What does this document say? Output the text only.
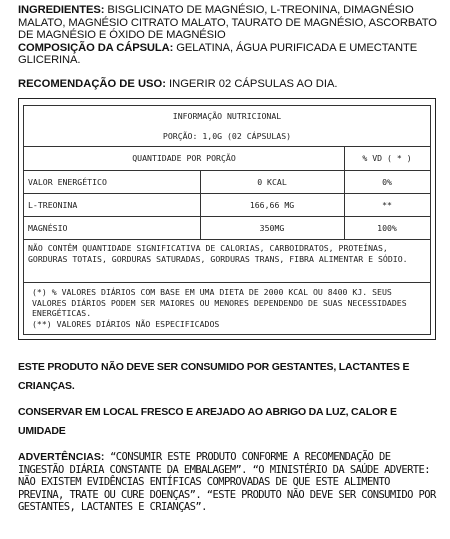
INGREDIENTES: BISGLICINATO DE MAGNÉSIO, L-TREONINA, DIMAGNÉSIO MALATO, MAGNÉSIO CITRATO MALATO, TAURATO DE MAGNÉSIO, ASCORBATO DE MAGNÉSIO E ÓXIDO DE MAGNÉSIO

COMPOSIÇÃO DA CÁPSULA: GELATINA, ÁGUA PURIFICADA E UMECTANTE GLICERINA.

RECOMENDAÇÃO DE USO: INGERIR 02 CÁPSULAS AO DIA.
INFORMAÇÃO NUTRICIONAL
PORÇÃO: 1,0G (02 CÁPSULAS)
QUANTIDADE POR PORÇÃO	% VD ( * )
VALOR ENERGÉTICO	0 KCAL	0%
L-TREONINA	166,66 MG	**
MAGNÉSIO	350MG	100%
NÃO CONTÊM QUANTIDADE SIGNIFICATIVA DE CALORIAS, CARBOIDRATOS, PROTEÍNAS, GORDURAS TOTAIS, GORDURAS SATURADAS, GORDURAS TRANS, FIBRA ALIMENTAR E SÓDIO.
(*) % VALORES DIÁRIOS COM BASE EM UMA DIETA DE 2000 KCAL OU 8400 KJ. SEUS VALORES DIÁRIOS PODEM SER MAIORES OU MENORES DEPENDENDO DE SUAS NECESSIDADES ENERGÉTICAS.
(**) VALORES DIÁRIOS NÃO ESPECIFICADOS
ESTE PRODUTO NÃO DEVE SER CONSUMIDO POR GESTANTES, LACTANTES E CRIANÇAS.
CONSERVAR EM LOCAL FRESCO E AREJADO AO ABRIGO DA LUZ, CALOR E UMIDADE
ADVERTÊNCIAS: “CONSUMIR ESTE PRODUTO CONFORME A RECOMENDAÇÃO DE INGESTÃO DIÁRIA CONSTANTE DA EMBALAGEM”. “O MINISTÉRIO DA SAÚDE ADVERTE: NÃO EXISTEM EVIDÊNCIAS ENTÍFICAS COMPROVADAS DE QUE ESTE ALIMENTO PREVINA, TRATE OU CURE DOENÇAS”. “ESTE PRODUTO NÃO DEVE SER CONSUMIDO POR GESTANTES, LACTANTES E CRIANÇAS”.
